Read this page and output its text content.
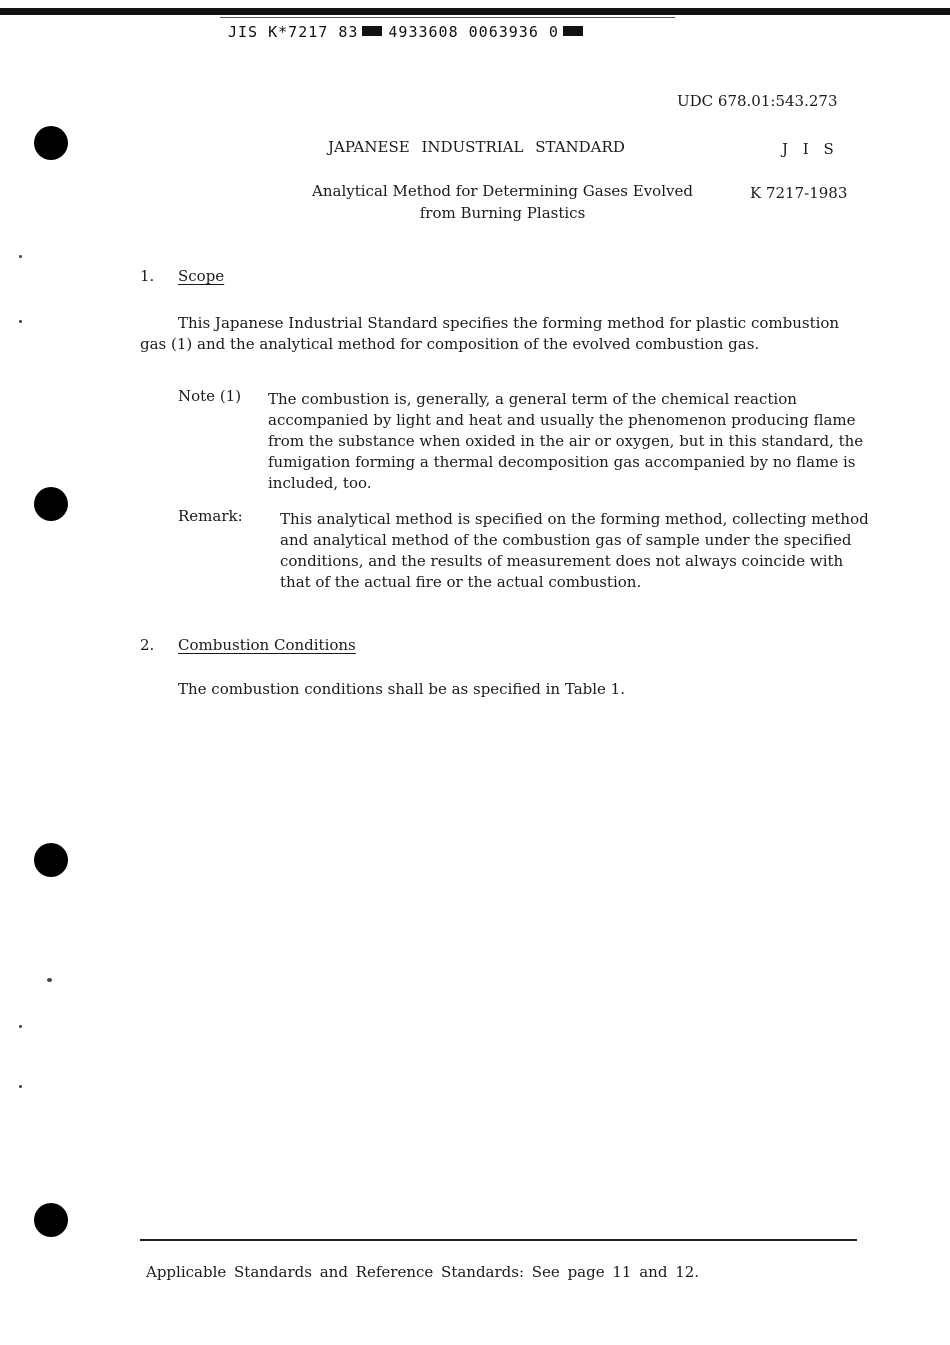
JIS K*7217 83 4933608 0063936 0
UDC 678.01:543.273
JAPANESE INDUSTRIAL STANDARD	J I S
Analytical Method for Determining Gases Evolved
from Burning Plastics
K 7217-1983
1. Scope
This Japanese Industrial Standard specifies the forming method for plastic combustion gas (1) and the analytical method for composition of the evolved combustion gas.
Note (1) The combustion is, generally, a general term of the chemical reaction accompanied by light and heat and usually the phenomenon producing flame from the substance when oxided in the air or oxygen, but in this standard, the fumigation forming a thermal decomposition gas accompanied by no flame is included, too.
Remark: This analytical method is specified on the forming method, collecting method and analytical method of the combustion gas of sample under the specified conditions, and the results of measurement does not always coincide with that of the actual fire or the actual combustion.
2. Combustion Conditions
The combustion conditions shall be as specified in Table 1.
Applicable Standards and Reference Standards: See page 11 and 12.
